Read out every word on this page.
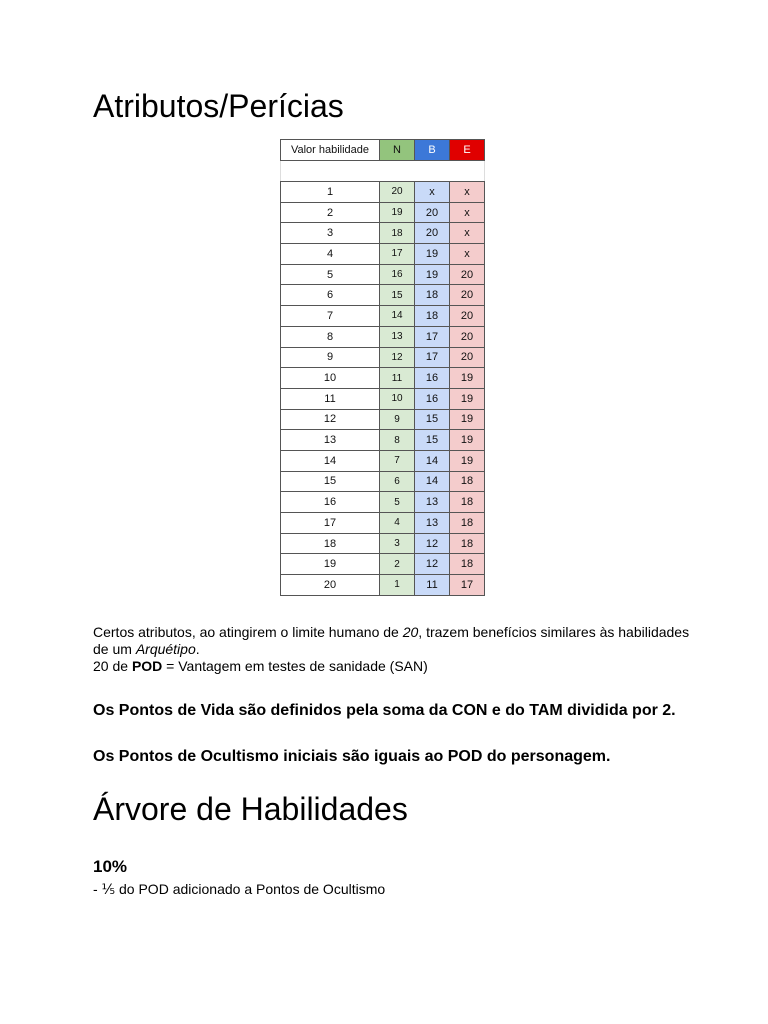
Atributos/Perícias
Valor habilidade	N	B	E

1	20	x	x
2	19	20	x
3	18	20	x
4	17	19	x
5	16	19	20
6	15	18	20
7	14	18	20
8	13	17	20
9	12	17	20
10	11	16	19
11	10	16	19
12	9	15	19
13	8	15	19
14	7	14	19
15	6	14	18
16	5	13	18
17	4	13	18
18	3	12	18
19	2	12	18
20	1	11	17

Certos atributos, ao atingirem o limite humano de 20, trazem benefícios similares às habilidades de um Arquétipo.

20 de POD = Vantagem em testes de sanidade (SAN)

Os Pontos de Vida são definidos pela soma da CON e do TAM dividida por 2.

Os Pontos de Ocultismo iniciais são iguais ao POD do personagem.

Árvore de Habilidades

10%

- ⅕ do POD adicionado a Pontos de Ocultismo
